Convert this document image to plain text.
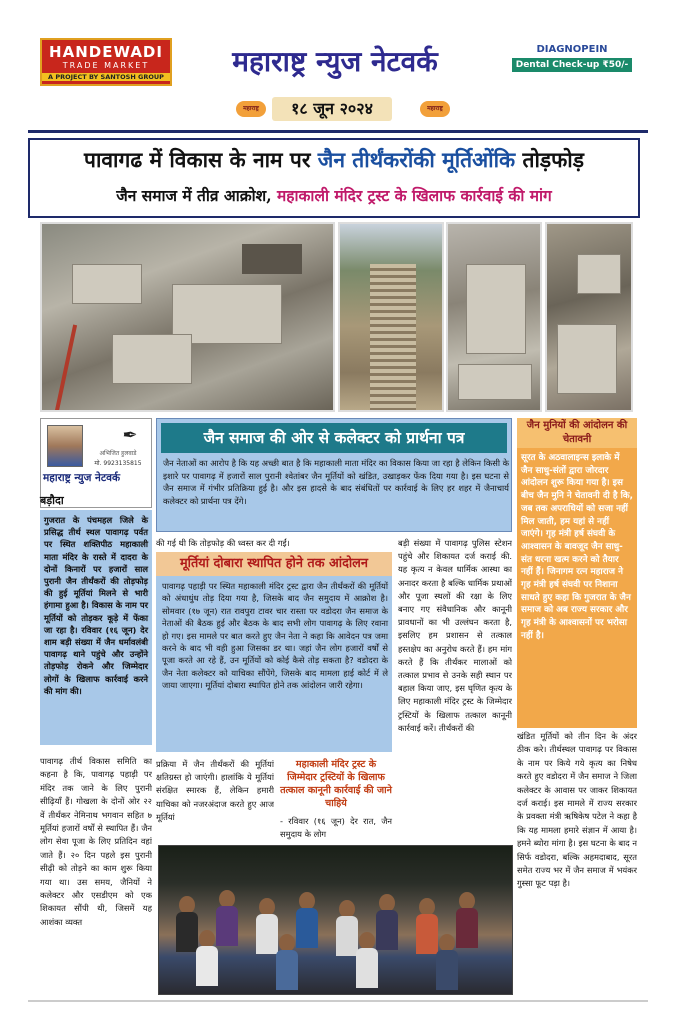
HANDEWADI
TRADE MARKET
A PROJECT BY SANTOSH GROUP	महाराष्ट्र न्युज नेटवर्क	DIAGNOPEIN
Dental Check-up ₹50/-
महाराष्ट्र	१८ जून २०२४	महाराष्ट्र
पावागढ में विकास के नाम पर जैन तीर्थंकरोंकी मूर्तिओंकि तोड़फोड़
जैन समाज में तीव्र आक्रोश, महाकाली मंदिर ट्रस्ट के खिलाफ कार्रवाई की मांग
✒
अभिजित हुलवाडे
मो. 9923135815
महाराष्ट्र न्युज नेटवर्क
बड़ौदा
गुजरात के पंचमहल जिले के प्रसिद्ध तीर्थ स्थल पावागढ़ पर्वत पर स्थित शक्तिपीठ महाकाली माता मंदिर के रास्ते में दादरा के दोनों किनारों पर हजारों साल पुरानी जैन तीर्थंकरों की तोड़फोड़ की हुई मूर्तियां मिलने से भारी हंगामा हुआ है। विकास के नाम पर मूर्तियों को तोड़कर कूड़े में फेंका जा रहा है। रविवार (१६ जून) देर शाम बड़ी संख्या में जैन धर्मावलंबी पावागढ़ थाने पहुंचे और उन्होंने तोड़फोड़ रोकने और जिम्मेदार लोगों के खिलाफ कार्रवाई करने की मांग की।
पावागढ़ तीर्थ विकास समिति का कहना है कि, पावागढ़ पहाड़ी पर मंदिर तक जाने के लिए पुरानी सीढ़ियाँ हैं। गोखला के दोनों ओर २२ वें तीर्थंकर नेमिनाथ भगवान सहित ७ मूर्तियां हजारों वर्षों से स्थापित हैं। जैन लोग सेवा पूजा के लिए प्रतिदिन वहां जाते हैं। २० दिन पहले इस पुरानी सीढ़ी को तोड़ने का काम शुरू किया गया था। उस समय, जैनियों ने कलेक्टर और एसडीएम को एक शिकायत सौंपी थी, जिसमें यह आशंका व्यक्त
जैन समाज की ओर से कलेक्टर को प्रार्थना पत्र
जैन नेताओं का आरोप है कि यह अच्छी बात है कि महाकाली माता मंदिर का विकास किया जा रहा है लेकिन किसी के इशारे पर पावागढ़ में हजारों साल पुरानी श्वेतांबर जैन मूर्तियों को खंडित, उखाड़कर फेंक दिया गया है। इस घटना से जैन समाज में गंभीर प्रतिक्रिया हुई है। और इस हादसे के बाद संबंधितों पर कार्रवाई के लिए हर शहर में जैनाचार्य कलेक्टर को प्रार्थना पत्र देंगे।
जैन मुनियों की आंदोलन की चेतावनी
सूरत के अठवालाइन्स इलाके में जैन साधु-संतों द्वारा जोरदार आंदोलन शुरू किया गया है। इस बीच जैन मुनि ने चेतावनी दी है कि, जब तक अपराधियों को सजा नहीं मिल जाती, हम यहां से नहीं जाएंगे। गृह मंत्री हर्ष संघवी के आश्वासन के बावजूद जैन साधु-संत धरना खत्म करने को तैयार नहीं हैं। जिनागम रत्न महाराज ने गृह मंत्री हर्ष संघवी पर निशाना साधते हुए कहा कि गुजरात के जैन समाज को अब राज्य सरकार और गृह मंत्री के आश्वासनों पर भरोसा नहीं है।
की गई थी कि तोड़फोड़ की ध्वस्त कर दी गईं।
मूर्तियां दोबारा स्थापित होने तक आंदोलन
पावागढ़ पहाड़ी पर स्थित महाकाली मंदिर ट्रस्ट द्वारा जैन तीर्थंकरों की मूर्तियों को अंधाधुंध तोड़ दिया गया है, जिसके बाद जैन समुदाय में आक्रोश है। सोमवार (१७ जून) रात रावपुरा टावर चार रास्ता पर वडोदरा जैन समाज के नेताओं की बैठक हुई और बैठक के बाद सभी लोग पावागढ़ के लिए रवाना हो गए। इस मामले पर बात करते हुए जैन नेता ने कहा कि आवेदन पत्र जमा करने के बाद भी वही हुआ जिसका डर था। जहां जैन लोग हजारों वर्षों से पूजा करते आ रहे हैं, उन मूर्तियों को कोई कैसे तोड़ सकता है? वडोदरा के जैन नेता कलेक्टर को याचिका सौंपेंगे, जिसके बाद मामला हाई कोर्ट में ले जाया जाएगा। मूर्तियां दोबारा स्थापित होने तक आंदोलन जारी रहेगा।
बड़ी संख्या में पावागढ़ पुलिस स्टेशन पहुंचे और शिकायत दर्ज कराई की. यह कृत्य न केवल धार्मिक आस्था का अनादर करता है बल्कि धार्मिक प्रथाओं और पूजा स्थलों की रक्षा के लिए बनाए गए संवैधानिक और कानूनी प्रावधानों का भी उल्लंघन करता है, इसलिए हम प्रशासन से तत्काल हस्तक्षेप का अनुरोध करते हैं। हम मांग करते हैं कि तीर्थंकर मालाओं को तत्काल प्रभाव से उनके सही स्थान पर बहाल किया जाए, इस घृणित कृत्य के लिए महाकाली मंदिर ट्रस्ट के जिम्मेदार ट्रस्टियों के खिलाफ तत्काल कानूनी कार्रवाई करें। तीर्थंकरों की
प्रक्रिया में जैन तीर्थंकरों की मूर्तियां क्षतिग्रस्त हो जाएंगी। हालांकि ये मूर्तियां संरक्षित स्मारक हैं, लेकिन हमारी याचिका को नजरअंदाज करते हुए आज मूर्तियां
महाकाली मंदिर ट्रस्ट के जिम्मेदार ट्रस्टियों के खिलाफ तत्काल कानूनी कार्रवाई की जाने चाहिये
- रविवार (१६ जून) देर रात, जैन समुदाय के लोग
खंडित मूर्तियों को तीन दिन के अंदर ठीक करे। तीर्थस्थल पावागढ़ पर विकास के नाम पर किये गये कृत्य का निषेध करते हुए वडोदरा में जैन समाज ने जिला कलेक्टर के आवास पर जाकर शिकायत दर्ज कराई। इस मामले में राज्य सरकार के प्रवक्ता मंत्री ऋषिकेष पटेल ने कहा है कि यह मामला हमारे संज्ञान में आया है। हमने ब्योरा मांगा है। इस घटना के बाद न सिर्फ वडोदरा, बल्कि अहमदाबाद, सूरत समेत राज्य भर में जैन समाज में भयंकर गुस्सा फूट पड़ा है।
